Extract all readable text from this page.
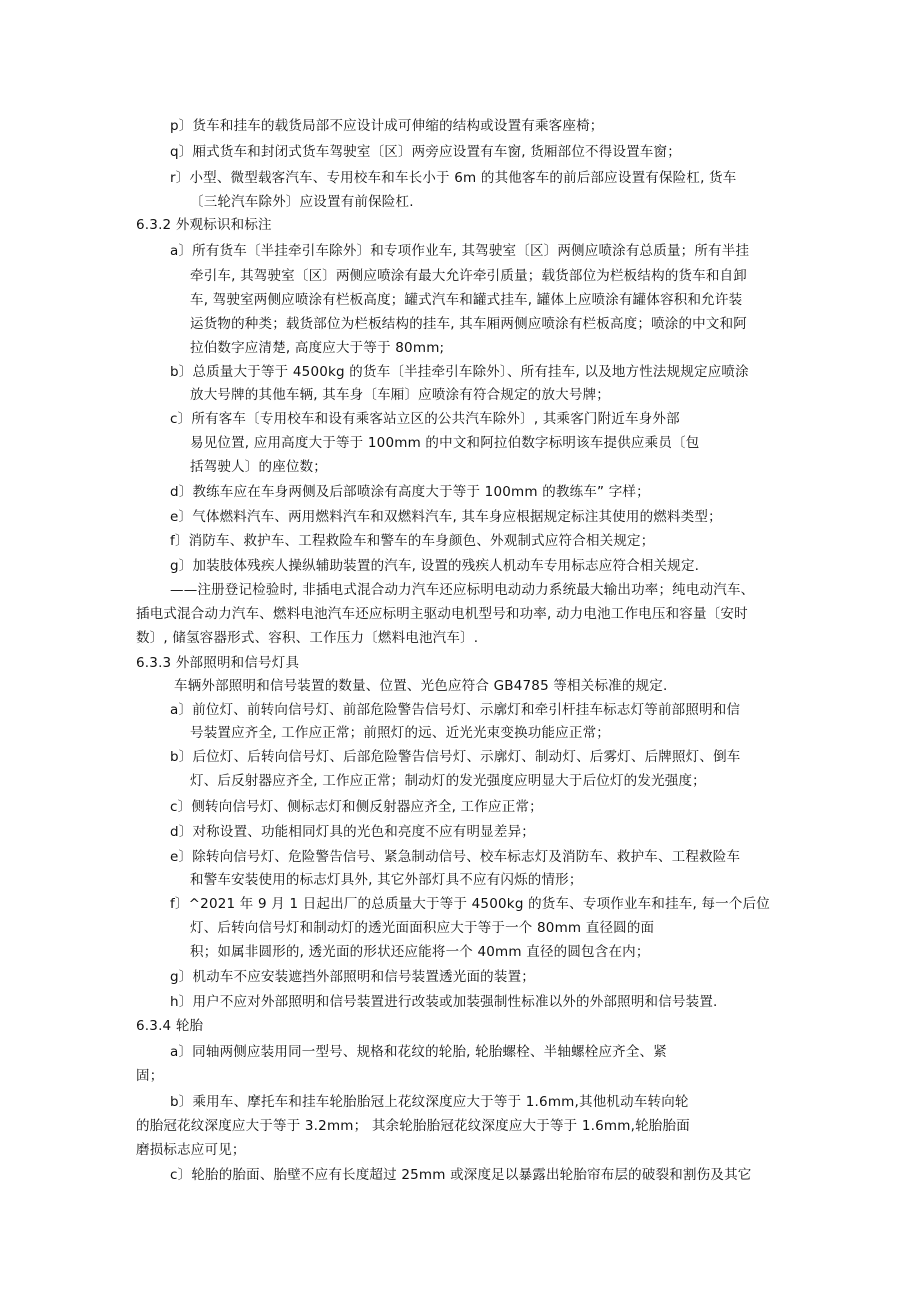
p〕货车和挂车的载货局部不应设计成可伸缩的结构或设置有乘客座椅；
q〕厢式货车和封闭式货车驾驶室〔区〕两旁应设置有车窗, 货厢部位不得设置车窗；
r〕小型、微型载客汽车、专用校车和车长小于 6m 的其他客车的前后部应设置有保险杠, 货车
〔三轮汽车除外〕应设置有前保险杠.
6.3.2 外观标识和标注
a〕所有货车〔半挂牵引车除外〕和专项作业车, 其驾驶室〔区〕两侧应喷涂有总质量；所有半挂
牵引车, 其驾驶室〔区〕两侧应喷涂有最大允许牵引质量；载货部位为栏板结构的货车和自卸
车, 驾驶室两侧应喷涂有栏板高度；罐式汽车和罐式挂车, 罐体上应喷涂有罐体容积和允许装
运货物的种类；载货部位为栏板结构的挂车, 其车厢两侧应喷涂有栏板高度；喷涂的中文和阿
拉伯数字应清楚, 高度应大于等于 80mm;
b〕总质量大于等于 4500kg 的货车〔半挂牵引车除外〕、所有挂车, 以及地方性法规规定应喷涂
放大号牌的其他车辆, 其车身〔车厢〕应喷涂有符合规定的放大号牌；
c〕所有客车〔专用校车和设有乘客站立区的公共汽车除外〕, 其乘客门附近车身外部
易见位置, 应用高度大于等于 100mm 的中文和阿拉伯数字标明该车提供应乘员〔包
括驾驶人〕的座位数；
d〕教练车应在车身两侧及后部喷涂有高度大于等于 100mm 的教练车” 字样；
e〕气体燃料汽车、两用燃料汽车和双燃料汽车, 其车身应根据规定标注其使用的燃料类型；
f〕消防车、救护车、工程救险车和警车的车身颜色、外观制式应符合相关规定；
g〕加装肢体残疾人操纵辅助装置的汽车, 设置的残疾人机动车专用标志应符合相关规定.
——注册登记检验时, 非插电式混合动力汽车还应标明电动动力系统最大输出功率；纯电动汽车、
插电式混合动力汽车、燃料电池汽车还应标明主驱动电机型号和功率, 动力电池工作电压和容量〔安时
数〕, 储氢容器形式、容积、工作压力〔燃料电池汽车〕.
6.3.3 外部照明和信号灯具
车辆外部照明和信号装置的数量、位置、光色应符合 GB4785 等相关标准的规定.
a〕前位灯、前转向信号灯、前部危险警告信号灯、示廓灯和牵引杆挂车标志灯等前部照明和信
号装置应齐全, 工作应正常；前照灯的远、近光光束变换功能应正常；
b〕后位灯、后转向信号灯、后部危险警告信号灯、示廓灯、制动灯、后雾灯、后牌照灯、倒车
灯、后反射器应齐全, 工作应正常；制动灯的发光强度应明显大于后位灯的发光强度；
c〕侧转向信号灯、侧标志灯和侧反射器应齐全, 工作应正常；
d〕对称设置、功能相同灯具的光色和亮度不应有明显差异；
e〕除转向信号灯、危险警告信号、紧急制动信号、校车标志灯及消防车、救护车、工程救险车
和警车安装使用的标志灯具外, 其它外部灯具不应有闪烁的情形；
f〕^2021 年 9 月 1 日起出厂的总质量大于等于 4500kg 的货车、专项作业车和挂车, 每一个后位
灯、后转向信号灯和制动灯的透光面面积应大于等于一个 80mm 直径圆的面
积；如属非圆形的, 透光面的形状还应能将一个 40mm 直径的圆包含在内；
g〕机动车不应安装遮挡外部照明和信号装置透光面的装置；
h〕用户不应对外部照明和信号装置进行改装或加装强制性标准以外的外部照明和信号装置.
6.3.4 轮胎
a〕同轴两侧应装用同一型号、规格和花纹的轮胎, 轮胎螺栓、半轴螺栓应齐全、紧
固；
b〕乘用车、摩托车和挂车轮胎胎冠上花纹深度应大于等于 1.6mm,其他机动车转向轮
的胎冠花纹深度应大于等于 3.2mm； 其余轮胎胎冠花纹深度应大于等于 1.6mm,轮胎胎面
磨损标志应可见；
c〕轮胎的胎面、胎壁不应有长度超过 25mm 或深度足以暴露出轮胎帘布层的破裂和割伤及其它
